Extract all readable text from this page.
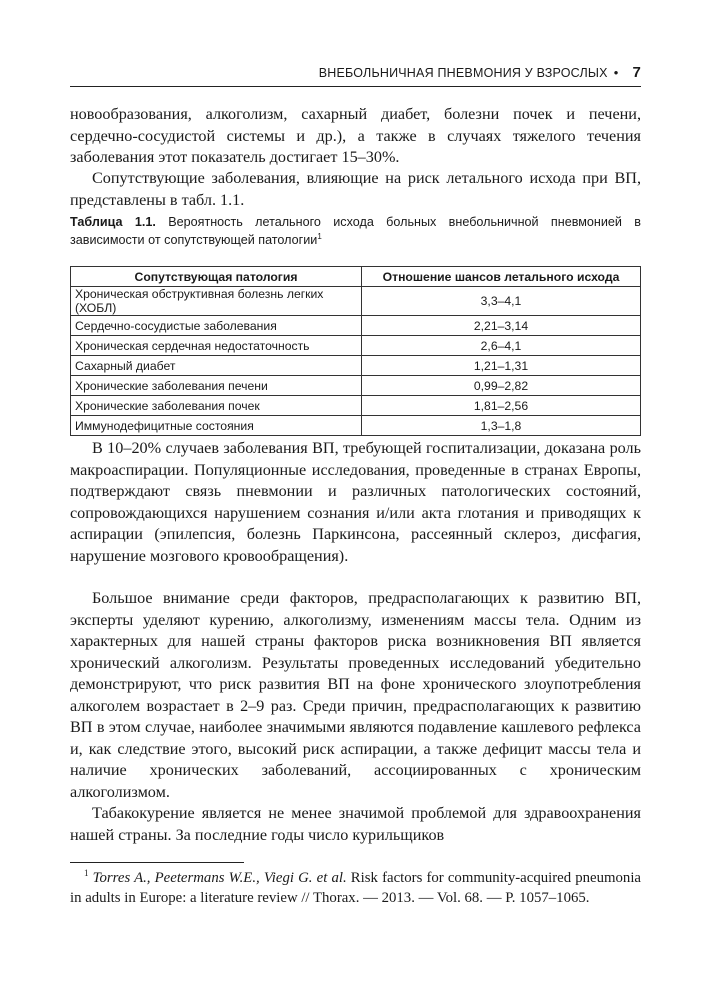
ВНЕБОЛЬНИЧНАЯ ПНЕВМОНИЯ У ВЗРОСЛЫХ • 7

новообразования, алкоголизм, сахарный диабет, болезни почек и печени, сердечно-сосудистой системы и др.), а также в случаях тяжелого течения заболевания этот показатель достигает 15–30%.

Сопутствующие заболевания, влияющие на риск летального исхода при ВП, представлены в табл. 1.1.

Таблица 1.1. Вероятность летального исхода больных внебольничной пневмонией в зависимости от сопутствующей патологии$^1$

Сопутствующая патология	Отношение шансов летального исхода
Хроническая обструктивная болезнь легких (ХОБЛ)	3,3–4,1
Сердечно-сосудистые заболевания	2,21–3,14
Хроническая сердечная недостаточность	2,6–4,1
Сахарный диабет	1,21–1,31
Хронические заболевания печени	0,99–2,82
Хронические заболевания почек	1,81–2,56
Иммунодефицитные состояния	1,3–1,8

В 10–20% случаев заболевания ВП, требующей госпитализации, доказана роль макроаспирации. Популяционные исследования, проведенные в странах Европы, подтверждают связь пневмонии и различных патологических состояний, сопровождающихся нарушением сознания и/или акта глотания и приводящих к аспирации (эпилепсия, болезнь Паркинсона, рассеянный склероз, дисфагия, нарушение мозгового кровообращения).

Большое внимание среди факторов, предрасполагающих к развитию ВП, эксперты уделяют курению, алкоголизму, изменениям массы тела. Одним из характерных для нашей страны факторов риска возникновения ВП является хронический алкоголизм. Результаты проведенных исследований убедительно демонстрируют, что риск развития ВП на фоне хронического злоупотребления алкоголем возрастает в 2–9 раз. Среди причин, предрасполагающих к развитию ВП в этом случае, наиболее значимыми являются подавление кашлевого рефлекса и, как следствие этого, высокий риск аспирации, а также дефицит массы тела и наличие хронических заболеваний, ассоциированных с хроническим алкоголизмом.

Табакокурение является не менее значимой проблемой для здравоохранения нашей страны. За последние годы число курильщиков

$^1$ Torres A., Peetermans W.E., Viegi G. et al. Risk factors for community-acquired pneumonia in adults in Europe: a literature review // Thorax. — 2013. — Vol. 68. — P. 1057–1065.
